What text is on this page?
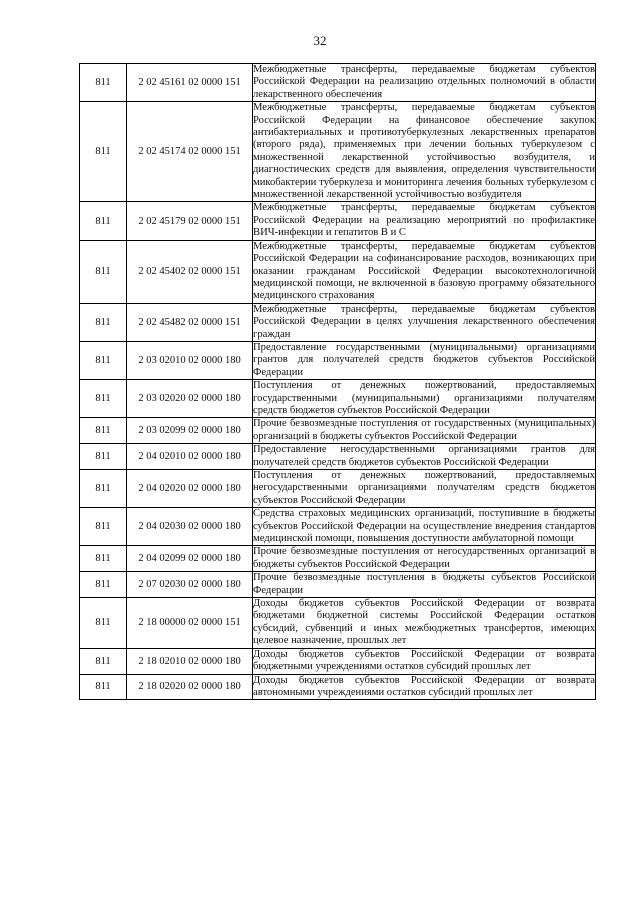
32
811	2 02 45161 02 0000 151	Межбюджетные трансферты, передаваемые бюджетам субъектов Российской Федерации на реализацию отдельных полномочий в области лекарственного обеспечения
811	2 02 45174 02 0000 151	Межбюджетные трансферты, передаваемые бюджетам субъектов Российской Федерации на финансовое обеспечение закупок антибактериальных и противотуберкулезных лекарственных препаратов (второго ряда), применяемых при лечении больных туберкулезом с множественной лекарственной устойчивостью возбудителя, и диагностических средств для выявления, определения чувствительности микобактерии туберкулеза и мониторинга лечения больных туберкулезом с множественной лекарственной устойчивостью возбудителя
811	2 02 45179 02 0000 151	Межбюджетные трансферты, передаваемые бюджетам субъектов Российской Федерации на реализацию мероприятий по профилактике ВИЧ-инфекции и гепатитов B и C
811	2 02 45402 02 0000 151	Межбюджетные трансферты, передаваемые бюджетам субъектов Российской Федерации на софинансирование расходов, возникающих при оказании гражданам Российской Федерации высокотехнологичной медицинской помощи, не включенной в базовую программу обязательного медицинского страхования
811	2 02 45482 02 0000 151	Межбюджетные трансферты, передаваемые бюджетам субъектов Российской Федерации в целях улучшения лекарственного обеспечения граждан
811	2 03 02010 02 0000 180	Предоставление государственными (муниципальными) организациями грантов для получателей средств бюджетов субъектов Российской Федерации
811	2 03 02020 02 0000 180	Поступления от денежных пожертвований, предоставляемых государственными (муниципальными) организациями получателям средств бюджетов субъектов Российской Федерации
811	2 03 02099 02 0000 180	Прочие безвозмездные поступления от государственных (муниципальных) организаций в бюджеты субъектов Российской Федерации
811	2 04 02010 02 0000 180	Предоставление негосударственными организациями грантов для получателей средств бюджетов субъектов Российской Федерации
811	2 04 02020 02 0000 180	Поступления от денежных пожертвований, предоставляемых негосударственными организациями получателям средств бюджетов субъектов Российской Федерации
811	2 04 02030 02 0000 180	Средства страховых медицинских организаций, поступившие в бюджеты субъектов Российской Федерации на осуществление внедрения стандартов медицинской помощи, повышения доступности амбулаторной помощи
811	2 04 02099 02 0000 180	Прочие безвозмездные поступления от негосударственных организаций в бюджеты субъектов Российской Федерации
811	2 07 02030 02 0000 180	Прочие безвозмездные поступления в бюджеты субъектов Российской Федерации
811	2 18 00000 02 0000 151	Доходы бюджетов субъектов Российской Федерации от возврата бюджетами бюджетной системы Российской Федерации остатков субсидий, субвенций и иных межбюджетных трансфертов, имеющих целевое назначение, прошлых лет
811	2 18 02010 02 0000 180	Доходы бюджетов субъектов Российской Федерации от возврата бюджетными учреждениями остатков субсидий прошлых лет
811	2 18 02020 02 0000 180	Доходы бюджетов субъектов Российской Федерации от возврата автономными учреждениями остатков субсидий прошлых лет
